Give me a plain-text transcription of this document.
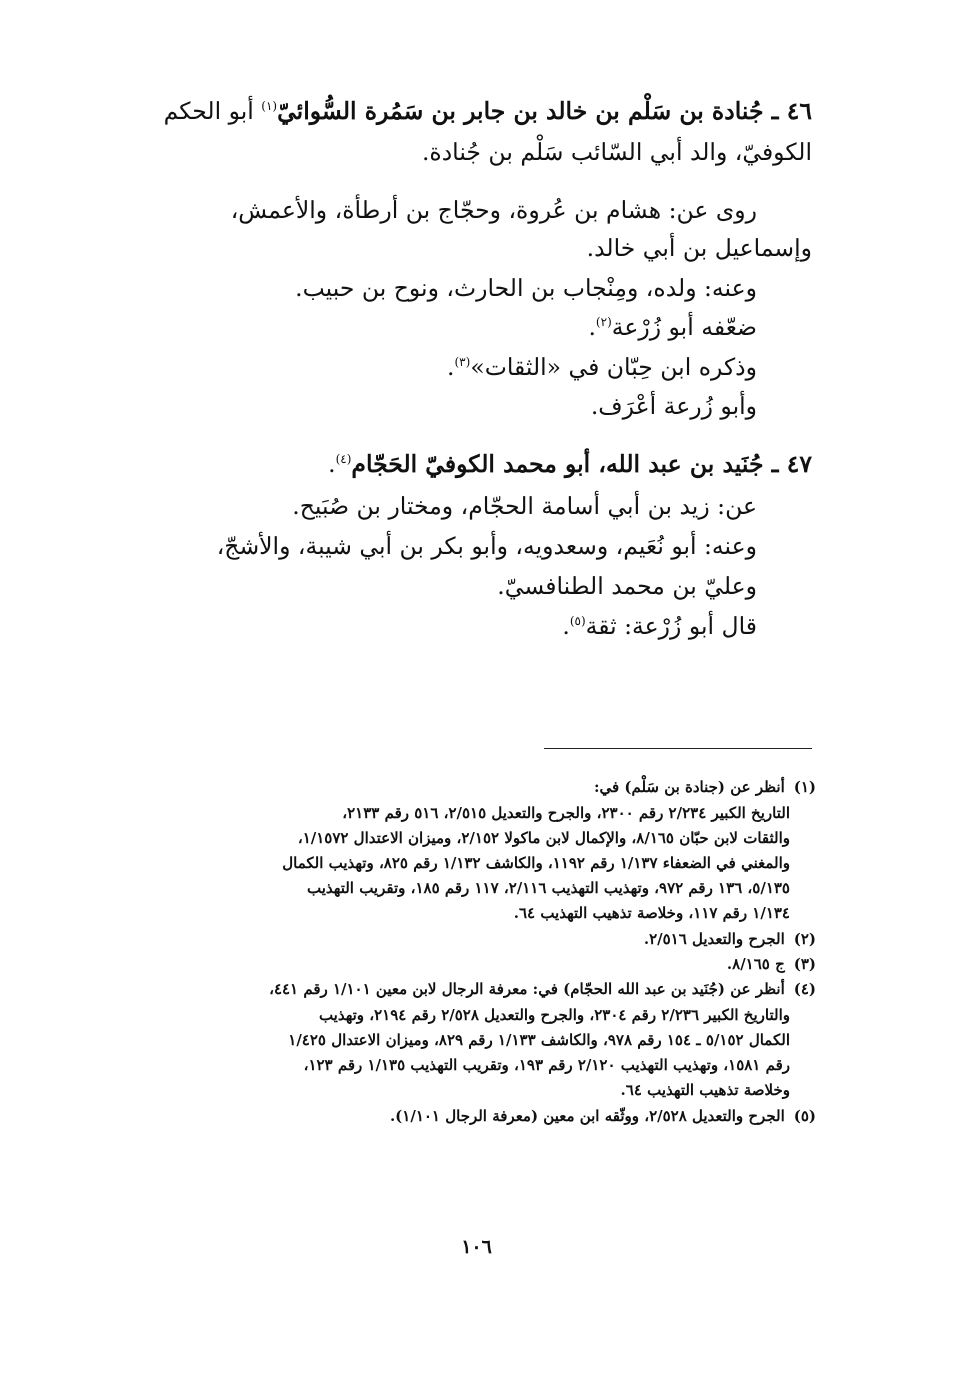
٤٦ ـ جُنادة بن سَلْم بن خالد بن جابر بن سَمُرة السُّوائيّ$^{(١)}$ أبو الحكم
الكوفيّ، والد أبي السّائب سَلْم بن جُنادة.
روى عن: هشام بن عُروة، وحجّاج بن أرطأة، والأعمش،
وإسماعيل بن أبي خالد.
وعنه: ولده، ومِنْجاب بن الحارث، ونوح بن حبيب.
ضعّفه أبو زُرْعة$^{(٢)}$.
وذكره ابن حِبّان في «الثقات»$^{(٣)}$.
وأبو زُرعة أعْرَف.
٤٧ ـ جُنَيد بن عبد الله، أبو محمد الكوفيّ الحَجّام$^{(٤)}$.
عن: زيد بن أبي أسامة الحجّام، ومختار بن صُبَيح.
وعنه: أبو نُعَيم، وسعدويه، وأبو بكر بن أبي شيبة، والأشجّ،
وعليّ بن محمد الطنافسيّ.
قال أبو زُرْعة: ثقة$^{(٥)}$.
(١) أنظر عن (جنادة بن سَلْم) في:
التاريخ الكبير ٢/٢٣٤ رقم ٢٣٠٠، والجرح والتعديل ٢/٥١٥، ٥١٦ رقم ٢١٣٣،
والثقات لابن حبّان ٨/١٦٥، والإكمال لابن ماكولا ٢/١٥٢، وميزان الاعتدال ١/١٥٧٢،
والمغني في الضعفاء ١/١٣٧ رقم ١١٩٢، والكاشف ١/١٣٢ رقم ٨٢٥، وتهذيب الكمال
٥/١٣٥، ١٣٦ رقم ٩٧٢، وتهذيب التهذيب ٢/١١٦، ١١٧ رقم ١٨٥، وتقريب التهذيب
١/١٣٤ رقم ١١٧، وخلاصة تذهيب التهذيب ٦٤.
(٢) الجرح والتعديل ٢/٥١٦.
(٣) ج ٨/١٦٥.
(٤) أنظر عن (جُنَيد بن عبد الله الحجّام) في: معرفة الرجال لابن معين ١/١٠١ رقم ٤٤١،
والتاريخ الكبير ٢/٢٣٦ رقم ٢٣٠٤، والجرح والتعديل ٢/٥٢٨ رقم ٢١٩٤، وتهذيب
الكمال ٥/١٥٢ ـ ١٥٤ رقم ٩٧٨، والكاشف ١/١٣٣ رقم ٨٢٩، وميزان الاعتدال ١/٤٢٥
رقم ١٥٨١، وتهذيب التهذيب ٢/١٢٠ رقم ١٩٣، وتقريب التهذيب ١/١٣٥ رقم ١٢٣،
وخلاصة تذهيب التهذيب ٦٤.
(٥) الجرح والتعديل ٢/٥٢٨، ووثّقه ابن معين (معرفة الرجال ١/١٠١).
١٠٦
